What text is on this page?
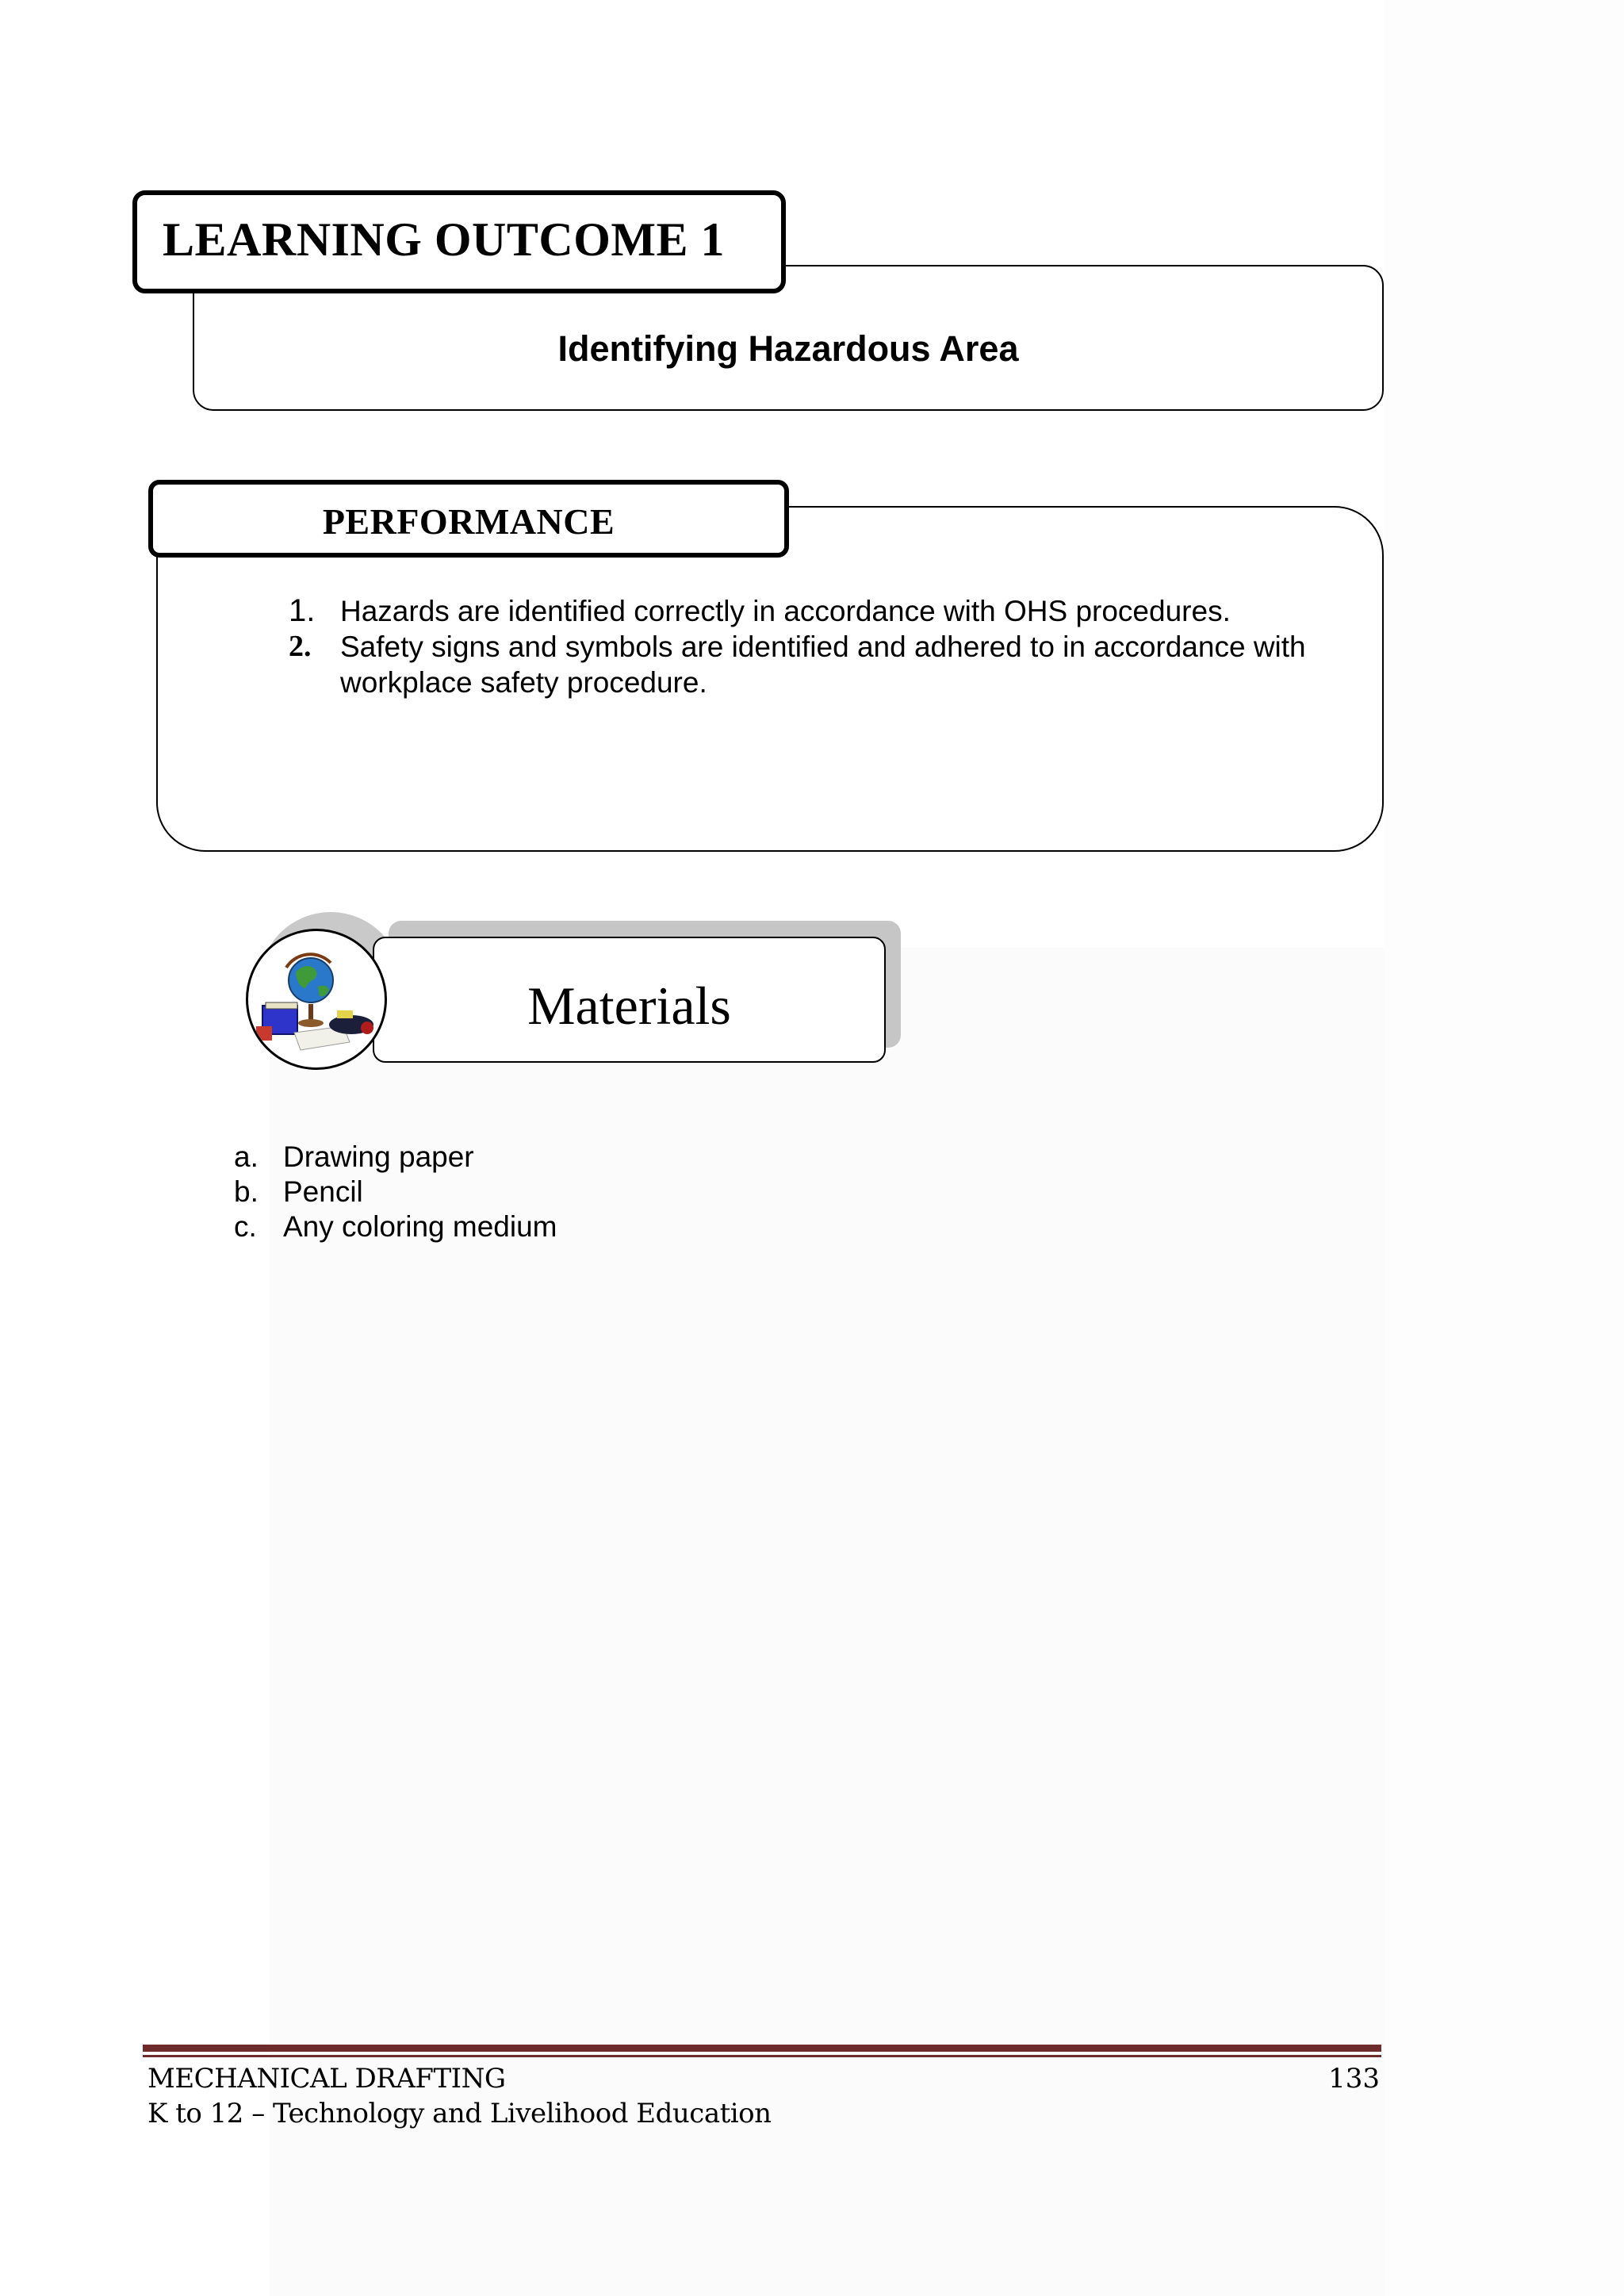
Identifying Hazardous Area
LEARNING OUTCOME 1
1. Hazards are identified correctly in accordance with OHS procedures.
2. Safety signs and symbols are identified and adhered to in accordance with workplace safety procedure.
PERFORMANCE
Materials
a. Drawing paper
b. Pencil
c. Any coloring medium
MECHANICAL DRAFTING	133
K to 12 – Technology and Livelihood Education
